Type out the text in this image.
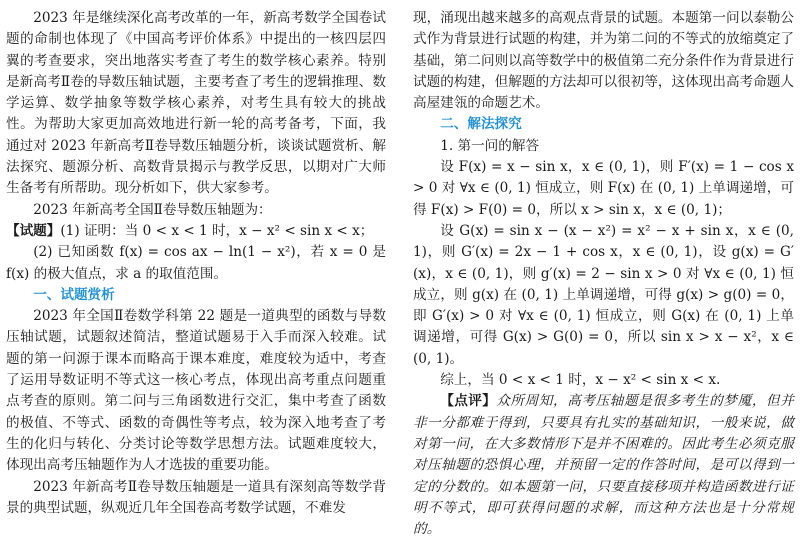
2023 年是继续深化高考改革的一年，新高考数学全国卷试题的命制也体现了《中国高考评价体系》中提出的一核四层四翼的考查要求，突出地落实考查了考生的数学核心素养。特别是新高考Ⅱ卷的导数压轴试题，主要考查了考生的逻辑推理、数学运算、数学抽象等数学核心素养，对考生具有较大的挑战性。为帮助大家更加高效地进行新一轮的高考备考，下面，我通过对 2023 年新高考Ⅱ卷导数压轴题分析，谈谈试题赏析、解法探究、题源分析、高数背景揭示与教学反思，以期对广大师生备考有所帮助。现分析如下，供大家参考。

2023 年新高考全国Ⅱ卷导数压轴题为：

【试题】(1) 证明：当 0 < x < 1 时，x − x² < sin x < x；

(2) 已知函数 f(x) = cos ax − ln(1 − x²)，若 x = 0 是 f(x) 的极大值点，求 a 的取值范围。

一、试题赏析

2023 年全国Ⅱ卷数学科第 22 题是一道典型的函数与导数压轴试题，试题叙述简洁，整道试题易于入手而深入较难。试题的第一问源于课本而略高于课本难度，难度较为适中，考查了运用导数证明不等式这一核心考点，体现出高考重点问题重点考查的原则。第二问与三角函数进行交汇，集中考查了函数的极值、不等式、函数的奇偶性等考点，较为深入地考查了考生的化归与转化、分类讨论等数学思想方法。试题难度较大，体现出高考压轴题作为人才选拔的重要功能。

2023 年新高考Ⅱ卷导数压轴题是一道具有深刻高等数学背景的典型试题，纵观近几年全国卷高考数学试题，不难发

现，涌现出越来越多的高观点背景的试题。本题第一问以泰勒公式作为背景进行试题的构建，并为第二问的不等式的放缩奠定了基础，第二问则以高等数学中的极值第二充分条件作为背景进行试题的构建，但解题的方法却可以很初等，这体现出高考命题人高屋建瓴的命题艺术。

二、解法探究

1. 第一问的解答

设 F(x) = x − sin x，x ∈ (0, 1)，则 F′(x) = 1 − cos x > 0 对 ∀x ∈ (0, 1) 恒成立，则 F(x) 在 (0, 1) 上单调递增，可得 F(x) > F(0) = 0，所以 x > sin x，x ∈ (0, 1)；

设 G(x) = sin x − (x − x²) = x² − x + sin x，x ∈ (0, 1)，则 G′(x) = 2x − 1 + cos x，x ∈ (0, 1)，设 g(x) = G′(x)，x ∈ (0, 1)，则 g′(x) = 2 − sin x > 0 对 ∀x ∈ (0, 1) 恒成立，则 g(x) 在 (0, 1) 上单调递增，可得 g(x) > g(0) = 0，即 G′(x) > 0 对 ∀x ∈ (0, 1) 恒成立，则 G(x) 在 (0, 1) 上单调递增，可得 G(x) > G(0) = 0，所以 sin x > x − x²，x ∈ (0, 1)。

综上，当 0 < x < 1 时，x − x² < sin x < x.

【点评】众所周知，高考压轴题是很多考生的梦魇，但并非一分都难于得到，只要具有扎实的基础知识，一般来说，做对第一问，在大多数情形下是并不困难的。因此考生必须克服对压轴题的恐惧心理，并预留一定的作答时间，是可以得到一定的分数的。如本题第一问，只要直接移项并构造函数进行证明不等式，即可获得问题的求解，而这种方法也是十分常规的。
